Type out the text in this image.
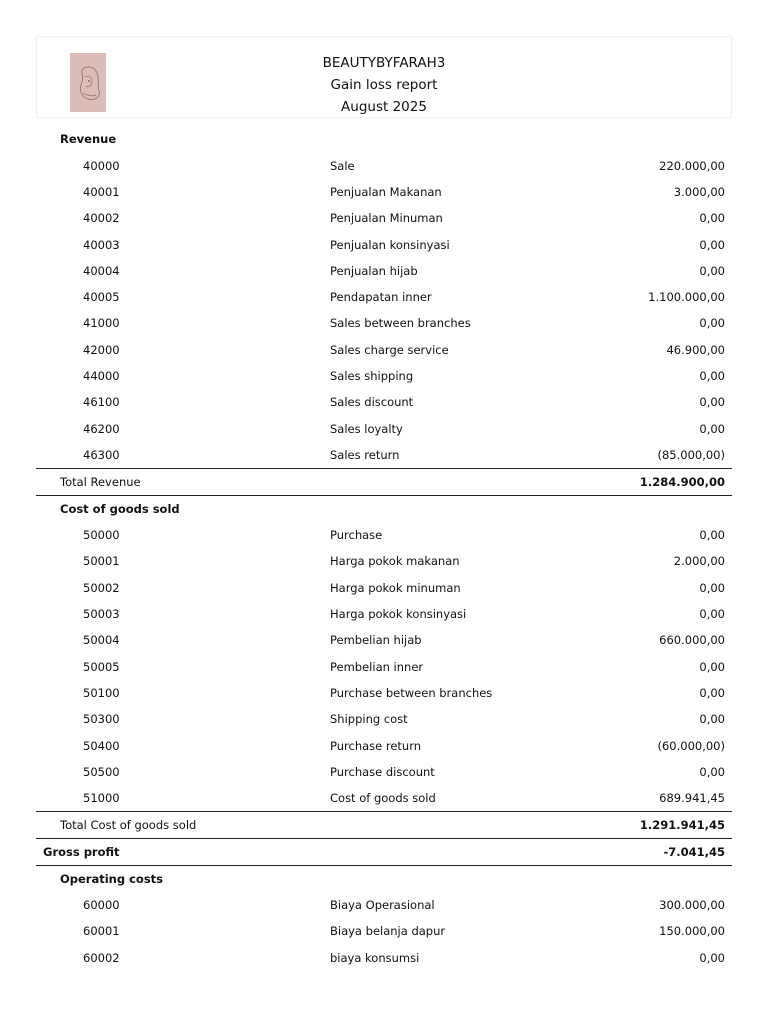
BEAUTYBYFARAH3
Gain loss report
August 2025
Revenue
40000	Sale	220.000,00
40001	Penjualan Makanan	3.000,00
40002	Penjualan Minuman	0,00
40003	Penjualan konsinyasi	0,00
40004	Penjualan hijab	0,00
40005	Pendapatan inner	1.100.000,00
41000	Sales between branches	0,00
42000	Sales charge service	46.900,00
44000	Sales shipping	0,00
46100	Sales discount	0,00
46200	Sales loyalty	0,00
46300	Sales return	(85.000,00)
Total Revenue	1.284.900,00
Cost of goods sold
50000	Purchase	0,00
50001	Harga pokok makanan	2.000,00
50002	Harga pokok minuman	0,00
50003	Harga pokok konsinyasi	0,00
50004	Pembelian hijab	660.000,00
50005	Pembelian inner	0,00
50100	Purchase between branches	0,00
50300	Shipping cost	0,00
50400	Purchase return	(60.000,00)
50500	Purchase discount	0,00
51000	Cost of goods sold	689.941,45
Total Cost of goods sold	1.291.941,45
Gross profit	-7.041,45
Operating costs
60000	Biaya Operasional	300.000,00
60001	Biaya belanja dapur	150.000,00
60002	biaya konsumsi	0,00
